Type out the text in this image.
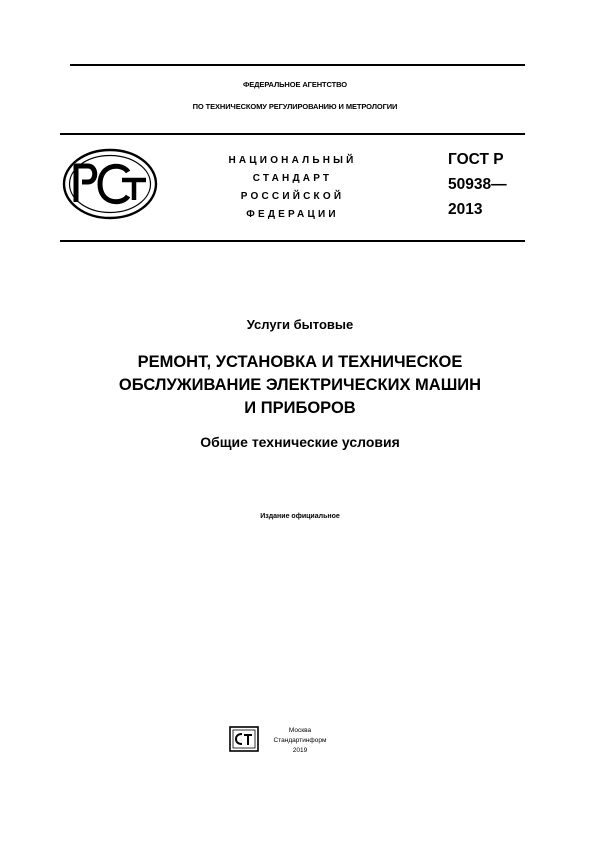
ФЕДЕРАЛЬНОЕ АГЕНТСТВО
ПО ТЕХНИЧЕСКОМУ РЕГУЛИРОВАНИЮ И МЕТРОЛОГИИ
НАЦИОНАЛЬНЫЙ
СТАНДАРТ
РОССИЙСКОЙ
ФЕДЕРАЦИИ
ГОСТ Р
50938—
2013
Услуги бытовые
РЕМОНТ, УСТАНОВКА И ТЕХНИЧЕСКОЕ
ОБСЛУЖИВАНИЕ ЭЛЕКТРИЧЕСКИХ МАШИН
И ПРИБОРОВ
Общие технические условия
Издание официальное
Москва
Стандартинформ
2019
